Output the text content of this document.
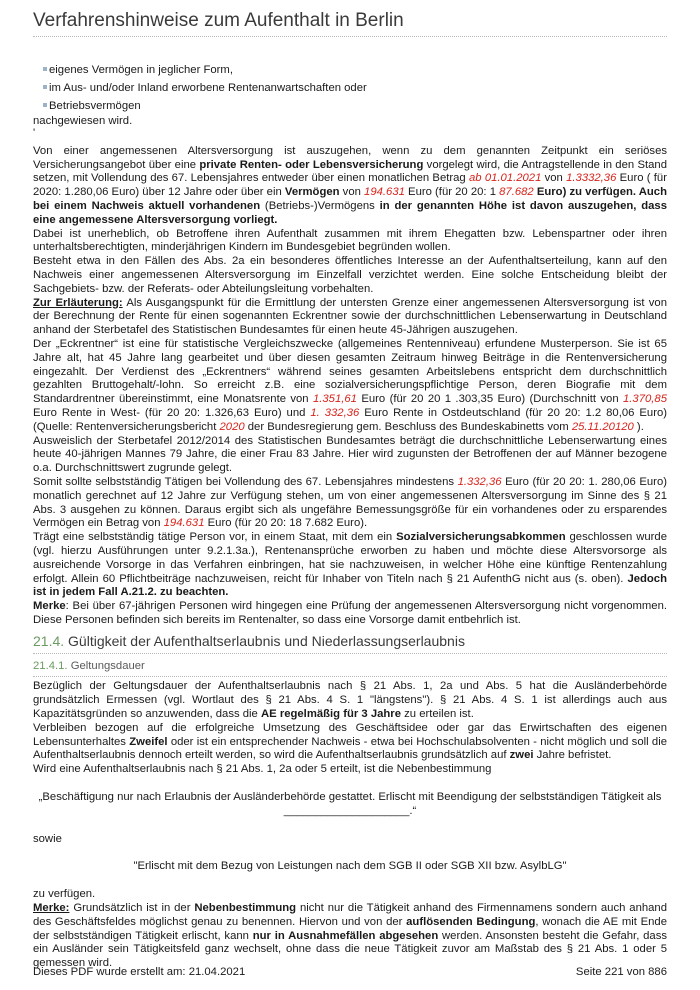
Verfahrenshinweise zum Aufenthalt in Berlin
eigenes Vermögen in jeglicher Form,
im Aus- und/oder Inland erworbene Rentenanwartschaften oder
Betriebsvermögen

nachgewiesen wird.

'

Von einer angemessenen Altersversorgung ist auszugehen, wenn zu dem genannten Zeitpunkt ein seriöses Versicherungsangebot über eine private Renten- oder Lebensversicherung vorgelegt wird, die Antragstellende in den Stand setzen, mit Vollendung des 67. Lebensjahres entweder über einen monatlichen Betrag ab 01.01.2021 von 1.3332,36 Euro ( für 2020: 1.280,06 Euro) über 12 Jahre oder über ein Vermögen von 194.631 Euro (für 20 20: 1 87.682 Euro) zu verfügen. Auch bei einem Nachweis aktuell vorhandenen (Betriebs-)Vermögens in der genannten Höhe ist davon auszugehen, dass eine angemessene Altersversorgung vorliegt.

Dabei ist unerheblich, ob Betroffene ihren Aufenthalt zusammen mit ihrem Ehegatten bzw. Lebenspartner oder ihren unterhaltsberechtigten, minderjährigen Kindern im Bundesgebiet begründen wollen.

Besteht etwa in den Fällen des Abs. 2a ein besonderes öffentliches Interesse an der Aufenthaltserteilung, kann auf den Nachweis einer angemessenen Altersversorgung im Einzelfall verzichtet werden. Eine solche Entscheidung bleibt der Sachgebiets- bzw. der Referats- oder Abteilungsleitung vorbehalten.

Zur Erläuterung: Als Ausgangspunkt für die Ermittlung der untersten Grenze einer angemessenen Altersversorgung ist von der Berechnung der Rente für einen sogenannten Eckrentner sowie der durchschnittlichen Lebenserwartung in Deutschland anhand der Sterbetafel des Statistischen Bundesamtes für einen heute 45-Jährigen auszugehen.

Der „Eckrentner“ ist eine für statistische Vergleichszwecke (allgemeines Rentenniveau) erfundene Musterperson. Sie ist 65 Jahre alt, hat 45 Jahre lang gearbeitet und über diesen gesamten Zeitraum hinweg Beiträge in die Rentenversicherung eingezahlt. Der Verdienst des „Eckrentners“ während seines gesamten Arbeitslebens entspricht dem durchschnittlich gezahlten Bruttogehalt/-lohn. So erreicht z.B. eine sozialversicherungspflichtige Person, deren Biografie mit dem Standardrentner übereinstimmt, eine Monatsrente von 1.351,61 Euro (für 20 20 1 .303,35 Euro) (Durchschnitt von 1.370,85 Euro Rente in West- (für 20 20: 1.326,63 Euro) und 1. 332,36 Euro Rente in Ostdeutschland (für 20 20: 1.2 80,06 Euro) (Quelle: Rentenversicherungsbericht 2020 der Bundesregierung gem. Beschluss des Bundeskabinetts vom 25.11.20120 ).

Ausweislich der Sterbetafel 2012/2014 des Statistischen Bundesamtes beträgt die durchschnittliche Lebenserwartung eines heute 40-jährigen Mannes 79 Jahre, die einer Frau 83 Jahre. Hier wird zugunsten der Betroffenen der auf Männer bezogene o.a. Durchschnittswert zugrunde gelegt.

Somit sollte selbstständig Tätigen bei Vollendung des 67. Lebensjahres mindestens 1.332,36 Euro (für 20 20: 1. 280,06 Euro) monatlich gerechnet auf 12 Jahre zur Verfügung stehen, um von einer angemessenen Altersversorgung im Sinne des § 21 Abs. 3 ausgehen zu können. Daraus ergibt sich als ungefähre Bemessungsgröße für ein vorhandenes oder zu ersparendes Vermögen ein Betrag von 194.631 Euro (für 20 20: 18 7.682 Euro).

Trägt eine selbstständig tätige Person vor, in einem Staat, mit dem ein Sozialversicherungsabkommen geschlossen wurde (vgl. hierzu Ausführungen unter 9.2.1.3a.), Rentenansprüche erworben zu haben und möchte diese Altersvorsorge als ausreichende Vorsorge in das Verfahren einbringen, hat sie nachzuweisen, in welcher Höhe eine künftige Rentenzahlung erfolgt. Allein 60 Pflichtbeiträge nachzuweisen, reicht für Inhaber von Titeln nach § 21 AufenthG nicht aus (s. oben). Jedoch ist in jedem Fall A.21.2. zu beachten.

Merke: Bei über 67-jährigen Personen wird hingegen eine Prüfung der angemessenen Altersversorgung nicht vorgenommen. Diese Personen befinden sich bereits im Rentenalter, so dass eine Vorsorge damit entbehrlich ist.

21.4. Gültigkeit der Aufenthaltserlaubnis und Niederlassungserlaubnis
21.4.1. Geltungsdauer

Bezüglich der Geltungsdauer der Aufenthaltserlaubnis nach § 21 Abs. 1, 2a und Abs. 5 hat die Ausländerbehörde grundsätzlich Ermessen (vgl. Wortlaut des § 21 Abs. 4 S. 1 "längstens"). § 21 Abs. 4 S. 1 ist allerdings auch aus Kapazitätsgründen so anzuwenden, dass die AE regelmäßig für 3 Jahre zu erteilen ist.

Verbleiben bezogen auf die erfolgreiche Umsetzung des Geschäftsidee oder gar das Erwirtschaften des eigenen Lebensunterhaltes Zweifel oder ist ein entsprechender Nachweis - etwa bei Hochschulabsolventen - nicht möglich und soll die Aufenthaltserlaubnis dennoch erteilt werden, so wird die Aufenthaltserlaubnis grundsätzlich auf zwei Jahre befristet.

Wird eine Aufenthaltserlaubnis nach § 21 Abs. 1, 2a oder 5 erteilt, ist die Nebenbestimmung

„Beschäftigung nur nach Erlaubnis der Ausländerbehörde gestattet. Erlischt mit Beendigung der selbstständigen Tätigkeit als ____________________.“

sowie

"Erlischt mit dem Bezug von Leistungen nach dem SGB II oder SGB XII bzw. AsylbLG"

zu verfügen.

Merke: Grundsätzlich ist in der Nebenbestimmung nicht nur die Tätigkeit anhand des Firmennamens sondern auch anhand des Geschäftsfeldes möglichst genau zu benennen. Hiervon und von der auflösenden Bedingung, wonach die AE mit Ende der selbstständigen Tätigkeit erlischt, kann nur in Ausnahmefällen abgesehen werden. Ansonsten besteht die Gefahr, dass ein Ausländer sein Tätigkeitsfeld ganz wechselt, ohne dass die neue Tätigkeit zuvor am Maßstab des § 21 Abs. 1 oder 5 gemessen wird.

Dieses PDF wurde erstellt am: 21.04.2021	Seite 221 von 886
